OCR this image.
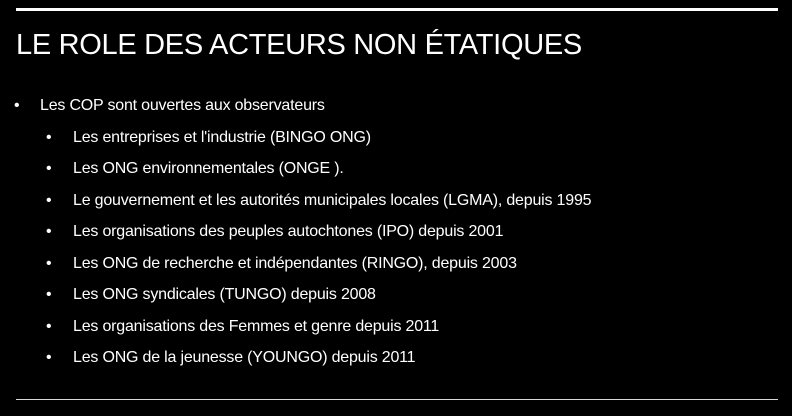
LE ROLE DES ACTEURS NON ÉTATIQUES
• Les COP sont ouvertes aux observateurs
• Les entreprises et l'industrie (BINGO ONG)
• Les ONG environnementales (ONGE ).
• Le gouvernement et les autorités municipales locales (LGMA), depuis 1995
• Les organisations des peuples autochtones (IPO) depuis 2001
• Les ONG de recherche et indépendantes (RINGO), depuis 2003
• Les ONG syndicales (TUNGO) depuis 2008
• Les organisations des Femmes et genre depuis 2011
• Les ONG de la jeunesse (YOUNGO) depuis 2011
